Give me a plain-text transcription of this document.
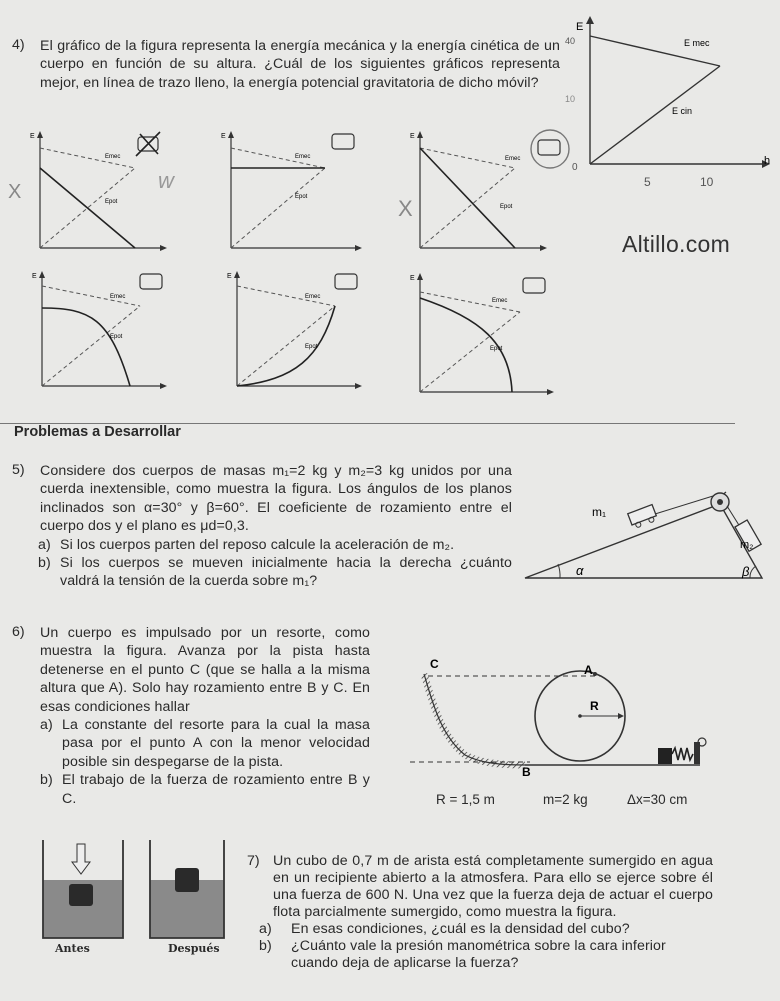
4) El gráfico de la figura representa la energía mecánica y la energía cinética de un cuerpo en función de su altura. ¿Cuál de los siguientes gráficos representa mejor, en línea de trazo lleno, la energía potencial gravitatoria de dicho móvil?
E
h
40
10
0
5	10
E mec
E cin
E
Emec
Epot
X	w
E
Emec
Epot
E
Emec
Epot
X
E
Emec
Epot
E
Emec
Epot
E
Emec
Epot
Altillo.com
Problemas a Desarrollar
5) Considere dos cuerpos de masas m₁=2 kg y m₂=3 kg unidos por una cuerda inextensible, como muestra la figura. Los ángulos de los planos inclinados son α=30° y β=60°. El coeficiente de rozamiento entre el cuerpo dos y el plano es μd=0,3.
a) Si los cuerpos parten del reposo calcule la aceleración de m₂.
b) Si los cuerpos se mueven inicialmente hacia la derecha ¿cuánto valdrá la tensión de la cuerda sobre m₁?
m₁
m₂
α	β
6) Un cuerpo es impulsado por un resorte, como muestra la figura. Avanza por la pista hasta detenerse en el punto C (que se halla a la misma altura que A). Solo hay rozamiento entre B y C. En esas condiciones hallar
a) La constante del resorte para la cual la masa pasa por el punto A con la menor velocidad posible sin despegarse de la pista.
b) El trabajo de la fuerza de rozamiento entre B y C.
C	A
R
B
R = 1,5 m	m=2 kg	Δx=30 cm
Antes	Después
7) Un cubo de 0,7 m de arista está completamente sumergido en agua en un recipiente abierto a la atmosfera. Para ello se ejerce sobre él una fuerza de 600 N. Una vez que la fuerza deja de actuar el cuerpo flota parcialmente sumergido, como muestra la figura.
a)	En esas condiciones, ¿cuál es la densidad del cubo?
b)	¿Cuánto vale la presión manométrica sobre la cara inferior cuando deja de aplicarse la fuerza?
